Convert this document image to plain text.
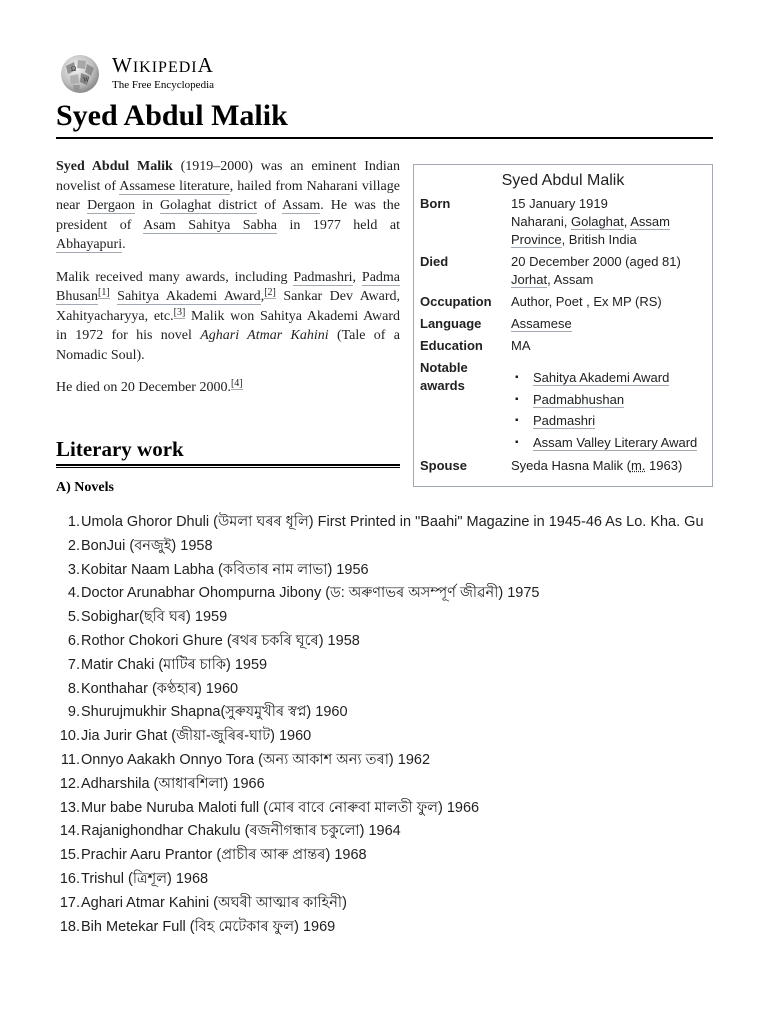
Ω
W
WIKIPEDIA
The Free Encyclopedia
Syed Abdul Malik

Syed Abdul Malik (1919–2000) was an eminent Indian novelist of Assamese literature, hailed from Naharani village near Dergaon in Golaghat district of Assam. He was the president of Asam Sahitya Sabha in 1977 held at Abhayapuri.

Malik received many awards, including Padmashri, Padma Bhusan[1] Sahitya Akademi Award,[2] Sankar Dev Award, Xahityacharyya, etc.[3] Malik won Sahitya Akademi Award in 1972 for his novel Aghari Atmar Kahini (Tale of a Nomadic Soul).

He died on 20 December 2000.[4]

Syed Abdul Malik
Born	15 January 1919
Naharani, Golaghat, Assam Province, British India
Died	20 December 2000 (aged 81)
Jorhat, Assam
Occupation	Author, Poet , Ex MP (RS)
Language	Assamese
Education	MA
Notable awards
▪ Sahitya Akademi Award
▪ Padmabhushan
▪ Padmashri
▪ Assam Valley Literary Award
Spouse	Syeda Hasna Malik (m. 1963)
Literary work
A) Novels
1. Umola Ghoror Dhuli (উমলা ঘৰৰ ধূলি) First Printed in "Baahi" Magazine in 1945-46 As Lo. Kha. Gu
2. BonJui (বনজুই) 1958
3. Kobitar Naam Labha (কবিতাৰ নাম লাভা) 1956
4. Doctor Arunabhar Ohompurna Jibony (ড: অৰুণাভৰ অসম্পূৰ্ণ জীৱনী) 1975
5. Sobighar(ছবি ঘৰ) 1959
6. Rothor Chokori Ghure (ৰথৰ চকৰি ঘূৰে) 1958
7. Matir Chaki (মাটিৰ চাকি) 1959
8. Konthahar (কণ্ঠহাৰ) 1960
9. Shurujmukhir Shapna(সুৰুযমুখীৰ স্বপ্ন) 1960
10. Jia Jurir Ghat (জীয়া-জুৰিৰ-ঘাট) 1960
11. Onnyo Aakakh Onnyo Tora (অন্য আকাশ অন্য তৰা) 1962
12. Adharshila (আধাৰশিলা) 1966
13. Mur babe Nuruba Maloti full (মোৰ বাবে নোৰুবা মালতী ফুল) 1966
14. Rajanighondhar Chakulu (ৰজনীগন্ধাৰ চকুলো) 1964
15. Prachir Aaru Prantor (প্ৰাচীৰ আৰু প্ৰান্তৰ) 1968
16. Trishul (ত্ৰিশূল) 1968
17. Aghari Atmar Kahini (অঘৰী আত্মাৰ কাহিনী)
18. Bih Metekar Full (বিহ মেটেকাৰ ফুল) 1969
